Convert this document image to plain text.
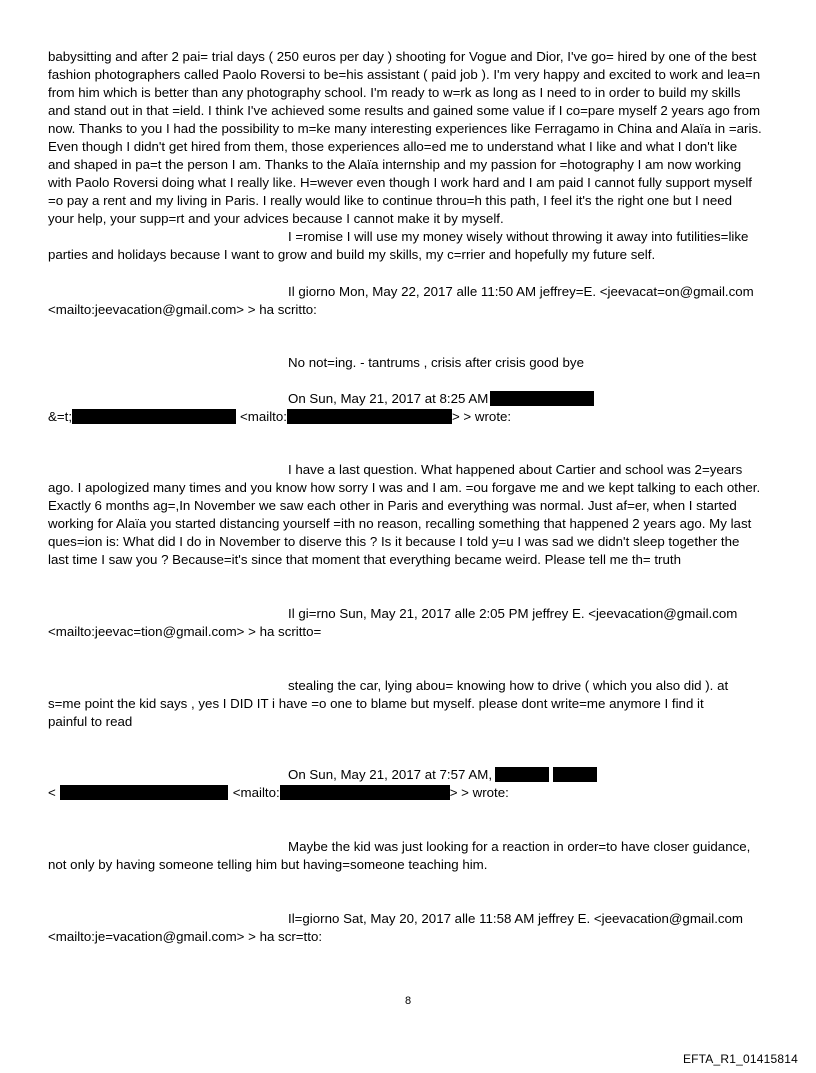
babysitting and after 2 pai= trial days ( 250 euros per day ) shooting for Vogue and Dior, I've go= hired by one of the best
fashion photographers called Paolo Roversi to be=his assistant ( paid job ). I'm very happy and excited to work and lea=n
from him which is better than any photography school. I'm ready to w=rk as long as I need to in order to build my skills
and stand out in that =ield. I think I've achieved some results and gained some value if I co=pare myself 2 years ago from
now. Thanks to you I had the possibility to m=ke many interesting experiences like Ferragamo in China and Alaïa in =aris.
Even though I didn't get hired from them, those experiences allo=ed me to understand what I like and what I don't like
and shaped in pa=t the person I am. Thanks to the Alaïa internship and my passion for =hotography I am now working
with Paolo Roversi doing what I really like. H=wever even though I work hard and I am paid I cannot fully support myself
=o pay a rent and my living in Paris. I really would like to continue throu=h this path, I feel it's the right one but I need
your help, your supp=rt and your advices because I cannot make it by myself.
I =romise I will use my money wisely without throwing it away into futilities=like
parties and holidays because I want to grow and build my skills, my c=rrier and hopefully my future self.
Il giorno Mon, May 22, 2017 alle 11:50 AM jeffrey=E. <jeevacat=on@gmail.com
<mailto:jeevacation@gmail.com> > ha scritto:
No not=ing. - tantrums , crisis after crisis good bye
On Sun, May 21, 2017 at 8:25 AM
&=t;	<mailto:	> > wrote:
I have a last question. What happened about Cartier and school was 2=years
ago. I apologized many times and you know how sorry I was and I am. =ou forgave me and we kept talking to each other.
Exactly 6 months ag=,In November we saw each other in Paris and everything was normal. Just af=er, when I started
working for Alaïa you started distancing yourself =ith no reason, recalling something that happened 2 years ago. My last
ques=ion is: What did I do in November to diserve this ? Is it because I told y=u I was sad we didn't sleep together the
last time I saw you ? Because=it's since that moment that everything became weird. Please tell me th= truth
Il gi=rno Sun, May 21, 2017 alle 2:05 PM jeffrey E. <jeevacation@gmail.com
<mailto:jeevac=tion@gmail.com> > ha scritto=
stealing the car, lying abou= knowing how to drive ( which you also did ). at
s=me point the kid says , yes I DID IT i have =o one to blame but myself. please dont write=me anymore I find it
painful to read
On Sun, May 21, 2017 at 7:57 AM,
<	<mailto:	> > wrote:
Maybe the kid was just looking for a reaction in order=to have closer guidance,
not only by having someone telling him but having=someone teaching him.
Il=giorno Sat, May 20, 2017 alle 11:58 AM jeffrey E. <jeevacation@gmail.com
<mailto:je=vacation@gmail.com> > ha scr=tto:
8
EFTA_R1_01415814
